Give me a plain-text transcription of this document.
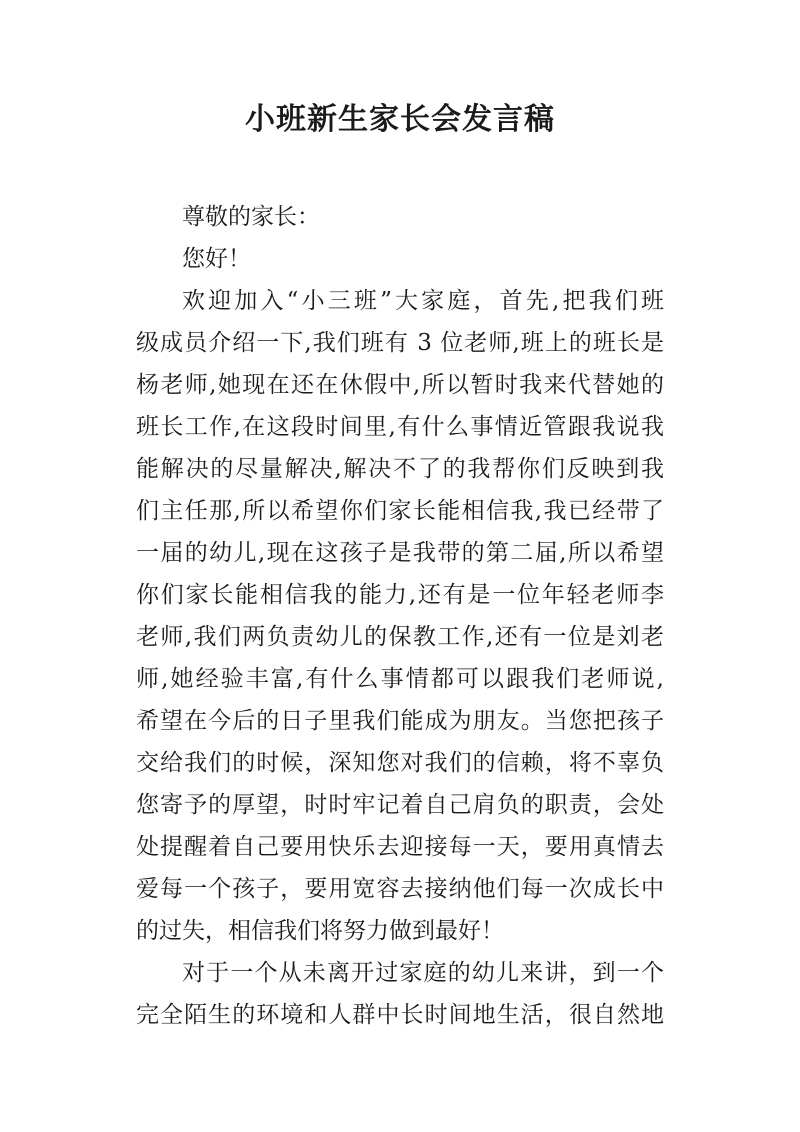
小班新生家长会发言稿
尊敬的家长：
您好！
欢迎加入“小三班”大家庭，首先,把我们班
级成员介绍一下,我们班有 3 位老师,班上的班长是
杨老师,她现在还在休假中,所以暂时我来代替她的
班长工作,在这段时间里,有什么事情近管跟我说我
能解决的尽量解决,解决不了的我帮你们反映到我
们主任那,所以希望你们家长能相信我,我已经带了
一届的幼儿,现在这孩子是我带的第二届,所以希望
你们家长能相信我的能力,还有是一位年轻老师李
老师,我们两负责幼儿的保教工作,还有一位是刘老
师,她经验丰富,有什么事情都可以跟我们老师说,
希望在今后的日子里我们能成为朋友。当您把孩子
交给我们的时候，深知您对我们的信赖，将不辜负
您寄予的厚望，时时牢记着自己肩负的职责，会处
处提醒着自己要用快乐去迎接每一天，要用真情去
爱每一个孩子，要用宽容去接纳他们每一次成长中
的过失，相信我们将努力做到最好！
对于一个从未离开过家庭的幼儿来讲，到一个
完全陌生的环境和人群中长时间地生活，很自然地
